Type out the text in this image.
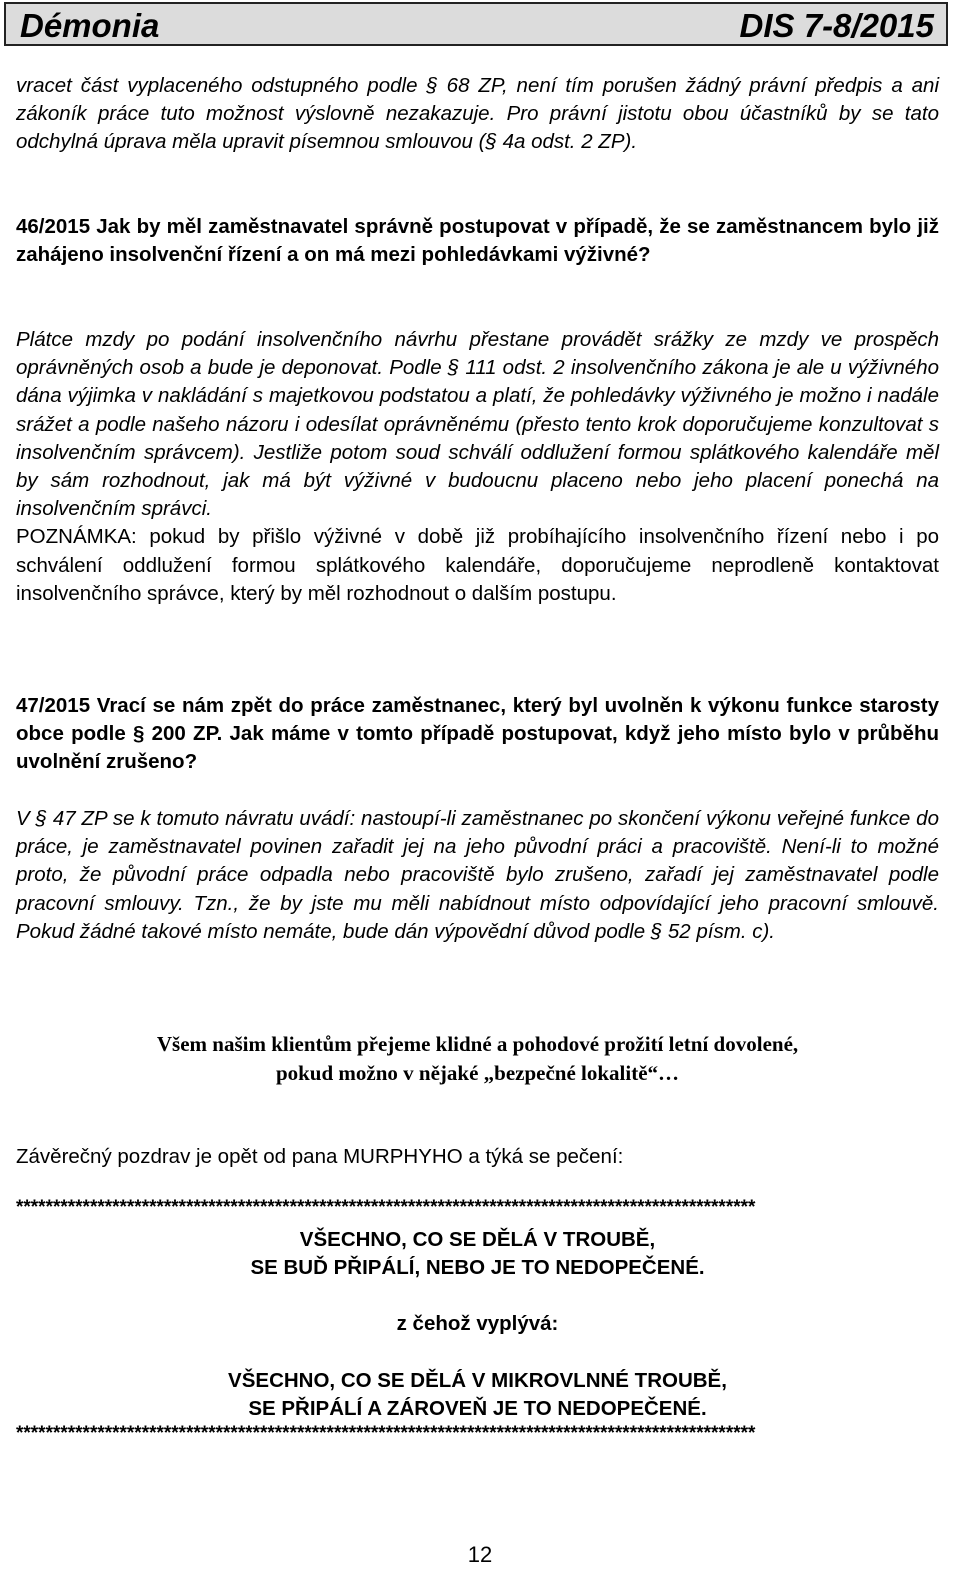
Démonia	DIS 7-8/2015

vracet část vyplaceného odstupného podle § 68 ZP, není tím porušen žádný právní předpis a ani zákoník práce tuto možnost výslovně nezakazuje. Pro právní jistotu obou účastníků by se tato odchylná úprava měla upravit písemnou smlouvou (§ 4a odst. 2 ZP).

46/2015 Jak by měl zaměstnavatel správně postupovat v případě, že se zaměstnancem bylo již zahájeno insolvenční řízení a on má mezi pohledávkami výživné?

Plátce mzdy po podání insolvenčního návrhu přestane provádět srážky ze mzdy ve prospěch oprávněných osob a bude je deponovat. Podle § 111 odst. 2 insolvenčního zákona je ale u výživného dána výjimka v nakládání s majetkovou podstatou a platí, že pohledávky výživného je možno i nadále srážet a podle našeho názoru i odesílat oprávněnému (přesto tento krok doporučujeme konzultovat s insolvenčním správcem). Jestliže potom soud schválí oddlužení formou splátkového kalendáře měl by sám rozhodnout, jak má být výživné v budoucnu placeno nebo jeho placení ponechá na insolvenčním správci.

POZNÁMKA: pokud by přišlo výživné v době již probíhajícího insolvenčního řízení nebo i po schválení oddlužení formou splátkového kalendáře, doporučujeme neprodleně kontaktovat insolvenčního správce, který by měl rozhodnout o dalším postupu.

47/2015 Vrací se nám zpět do práce zaměstnanec, který byl uvolněn k výkonu funkce starosty obce podle § 200 ZP. Jak máme v tomto případě postupovat, když jeho místo bylo v průběhu uvolnění zrušeno?

V § 47 ZP se k tomuto návratu uvádí: nastoupí-li zaměstnanec po skončení výkonu veřejné funkce do práce, je zaměstnavatel povinen zařadit jej na jeho původní práci a pracoviště. Není-li to možné proto, že původní práce odpadla nebo pracoviště bylo zrušeno, zařadí jej zaměstnavatel podle pracovní smlouvy. Tzn., že by jste mu měli nabídnout místo odpovídající jeho pracovní smlouvě. Pokud žádné takové místo nemáte, bude dán výpovědní důvod podle § 52 písm. c).

Všem našim klientům přejeme klidné a pohodové prožití letní dovolené,
pokud možno v nějaké „bezpečné lokalitě“…

Závěrečný pozdrav je opět od pana MURPHYHO a týká se pečení:

****************************************************************************************************

VŠECHNO, CO SE DĚLÁ V TROUBĚ,

SE BUĎ PŘIPÁLÍ, NEBO JE TO NEDOPEČENÉ.

z čehož vyplývá:

VŠECHNO, CO SE DĚLÁ V MIKROVLNNÉ TROUBĚ,

SE PŘIPÁLÍ A ZÁROVEŇ JE TO NEDOPEČENÉ.

****************************************************************************************************
12
